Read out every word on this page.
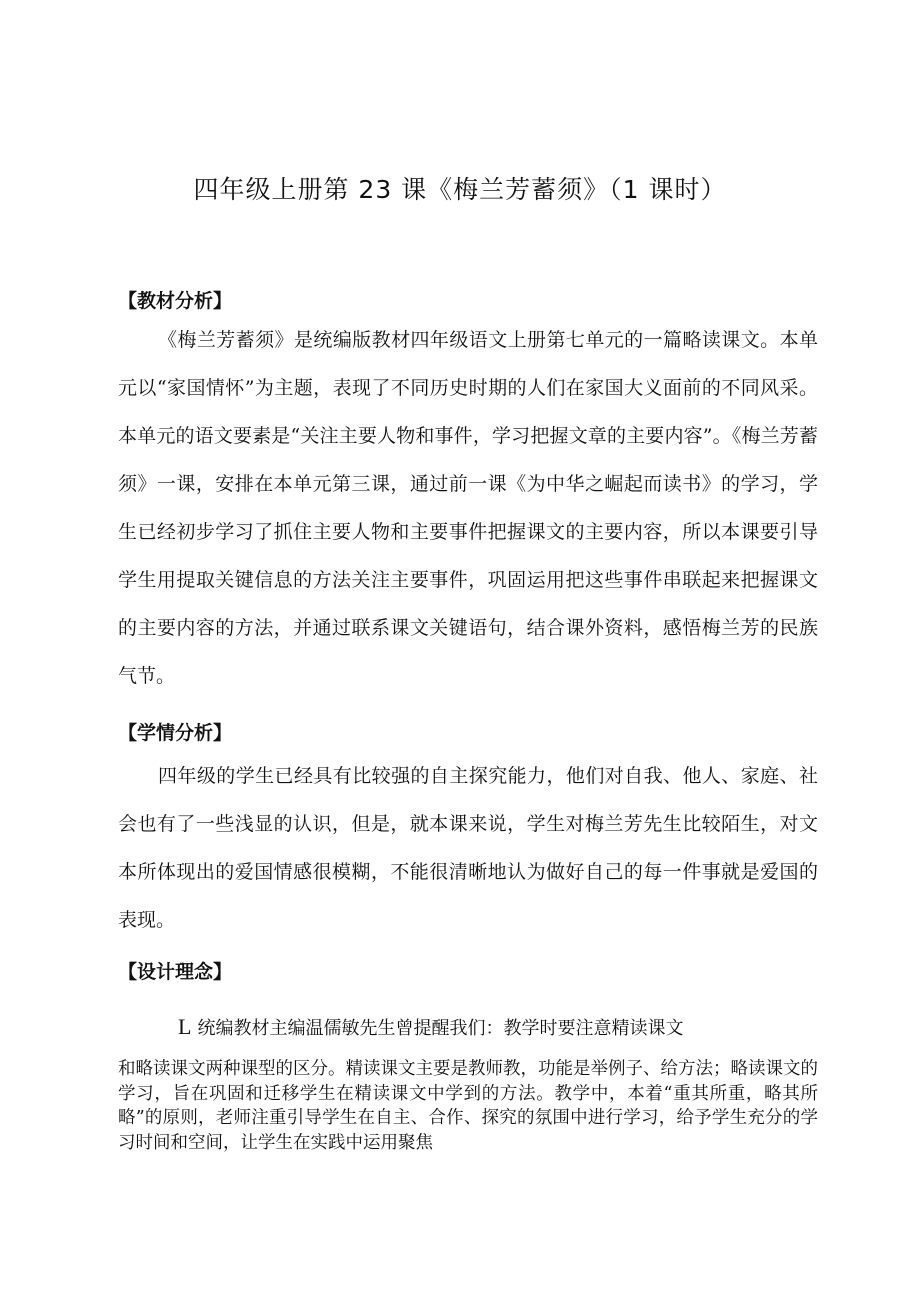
四年级上册第 23 课《梅兰芳蓄须》（1 课时）
【教材分析】

《梅兰芳蓄须》是统编版教材四年级语文上册第七单元的一篇略读课文。本单元以“家国情怀”为主题，表现了不同历史时期的人们在家国大义面前的不同风采。本单元的语文要素是“关注主要人物和事件，学习把握文章的主要内容”。《梅兰芳蓄须》一课，安排在本单元第三课，通过前一课《为中华之崛起而读书》的学习，学生已经初步学习了抓住主要人物和主要事件把握课文的主要内容，所以本课要引导学生用提取关键信息的方法关注主要事件，巩固运用把这些事件串联起来把握课文的主要内容的方法，并通过联系课文关键语句，结合课外资料，感悟梅兰芳的民族气节。

【学情分析】

四年级的学生已经具有比较强的自主探究能力，他们对自我、他人、家庭、社会也有了一些浅显的认识，但是，就本课来说，学生对梅兰芳先生比较陌生，对文本所体现出的爱国情感很模糊，不能很清晰地认为做好自己的每一件事就是爱国的表现。

【设计理念】

L 统编教材主编温儒敏先生曾提醒我们：教学时要注意精读课文

和略读课文两种课型的区分。精读课文主要是教师教，功能是举例子、给方法；略读课文的学习，旨在巩固和迁移学生在精读课文中学到的方法。教学中，本着“重其所重，略其所略”的原则，老师注重引导学生在自主、合作、探究的氛围中进行学习，给予学生充分的学习时间和空间，让学生在实践中运用聚焦
